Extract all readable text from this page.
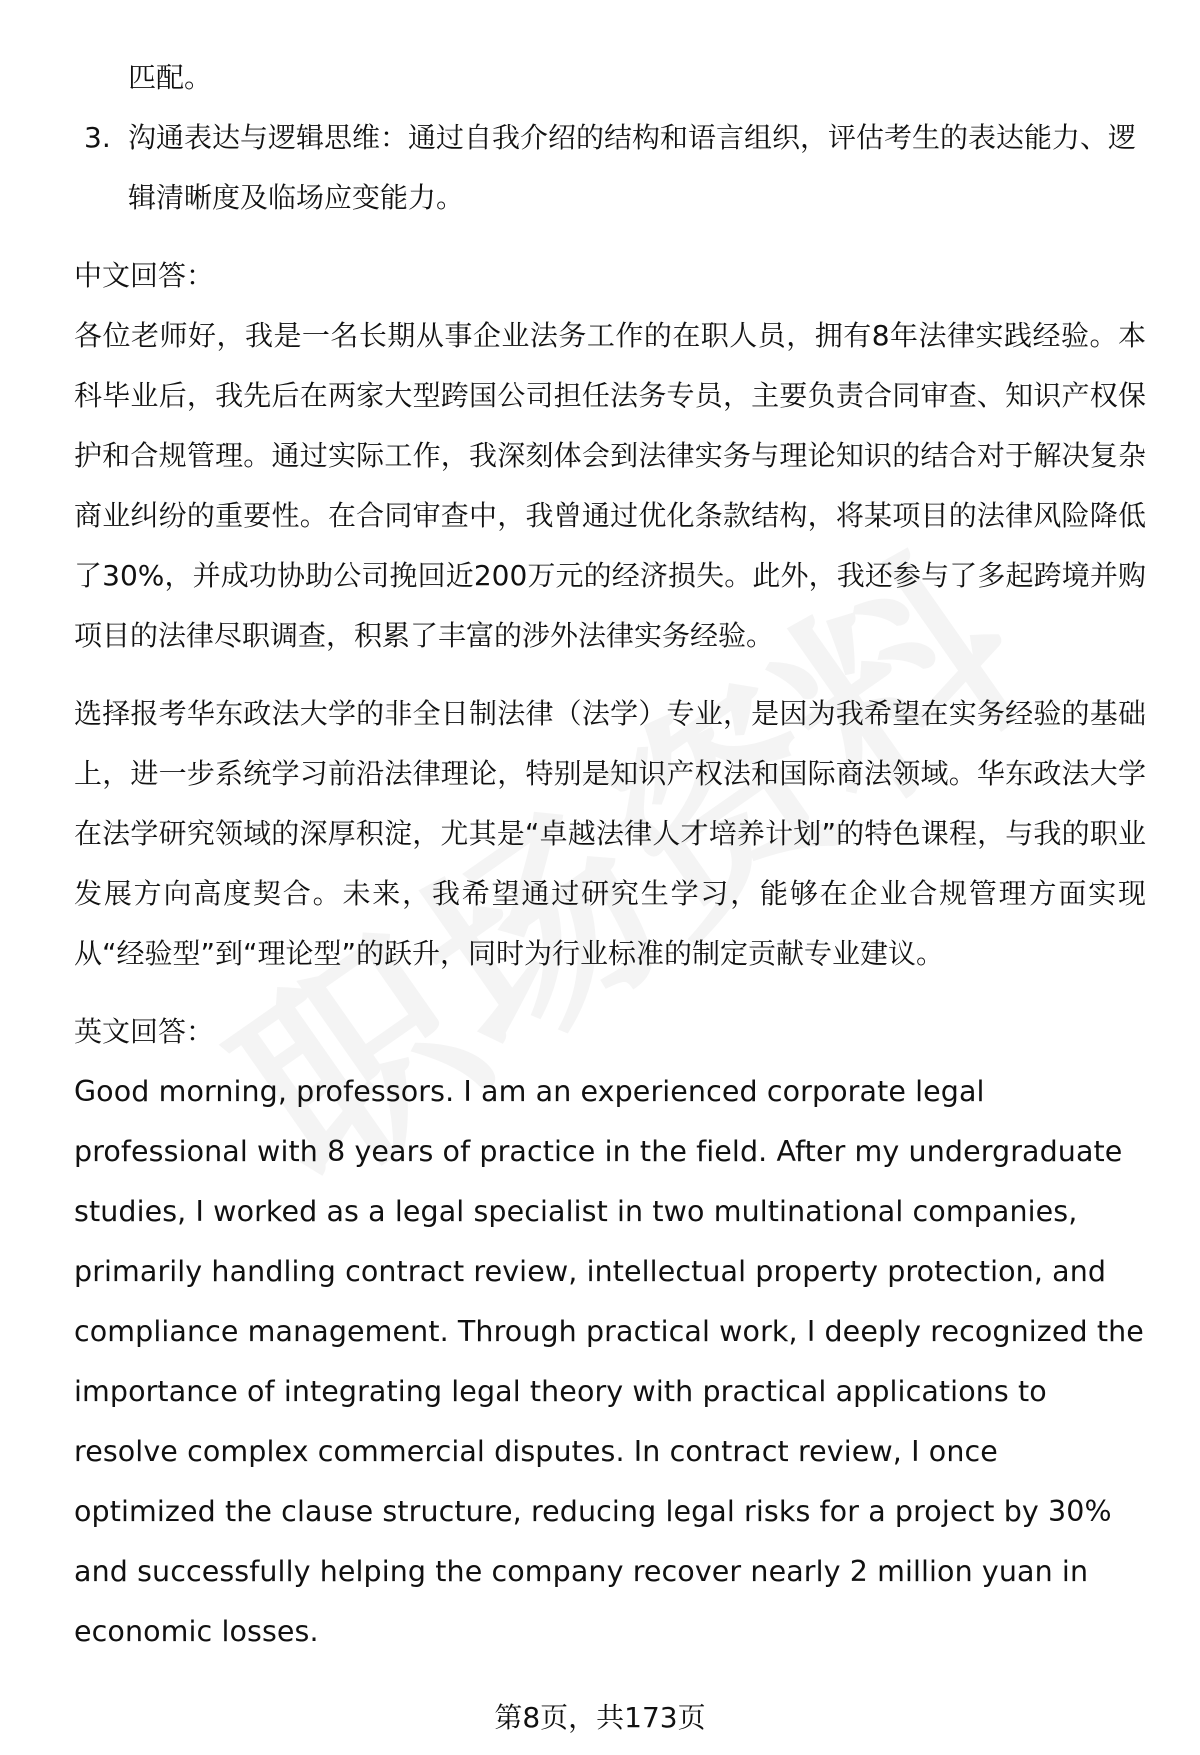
匹配。

3. 沟通表达与逻辑思维：通过自我介绍的结构和语言组织，评估考生的表达能力、逻辑清晰度及临场应变能力。

中文回答：

各位老师好，我是一名长期从事企业法务工作的在职人员，拥有8年法律实践经验。本科毕业后，我先后在两家大型跨国公司担任法务专员，主要负责合同审查、知识产权保护和合规管理。通过实际工作，我深刻体会到法律实务与理论知识的结合对于解决复杂商业纠纷的重要性。在合同审查中，我曾通过优化条款结构，将某项目的法律风险降低了30%，并成功协助公司挽回近200万元的经济损失。此外，我还参与了多起跨境并购项目的法律尽职调查，积累了丰富的涉外法律实务经验。

选择报考华东政法大学的非全日制法律（法学）专业，是因为我希望在实务经验的基础上，进一步系统学习前沿法律理论，特别是知识产权法和国际商法领域。华东政法大学在法学研究领域的深厚积淀，尤其是“卓越法律人才培养计划”的特色课程，与我的职业发展方向高度契合。未来，我希望通过研究生学习，能够在企业合规管理方面实现从“经验型”到“理论型”的跃升，同时为行业标准的制定贡献专业建议。

英文回答：

Good morning, professors. I am an experienced corporate legal professional with 8 years of practice in the field. After my undergraduate studies, I worked as a legal specialist in two multinational companies, primarily handling contract review, intellectual property protection, and compliance management. Through practical work, I deeply recognized the importance of integrating legal theory with practical applications to resolve complex commercial disputes. In contract review, I once optimized the clause structure, reducing legal risks for a project by 30% and successfully helping the company recover nearly 2 million yuan in economic losses.

第8页，共173页
